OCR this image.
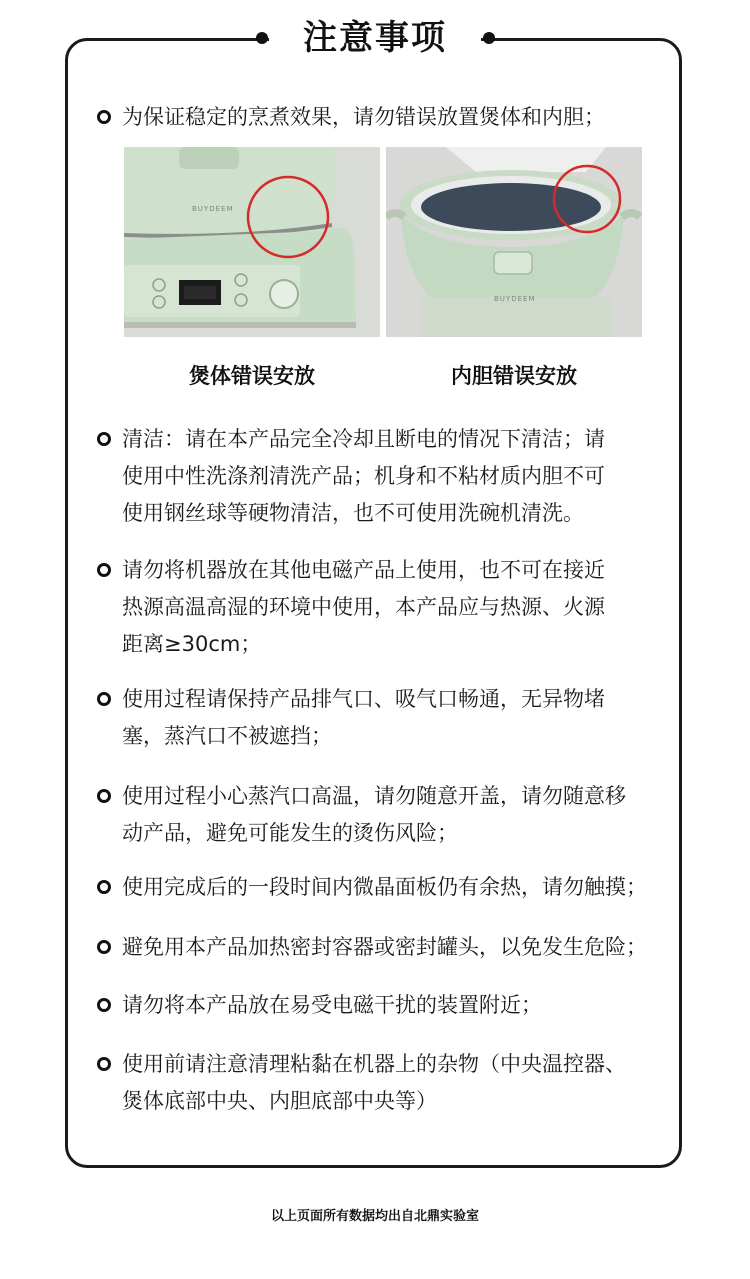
注意事项
为保证稳定的烹煮效果，请勿错误放置煲体和内胆；
BUYDEEM
BUYDEEM
煲体错误安放	内胆错误安放
清洁：请在本产品完全冷却且断电的情况下清洁；请
使用中性洗涤剂清洗产品；机身和不粘材质内胆不可
使用钢丝球等硬物清洁，也不可使用洗碗机清洗。
请勿将机器放在其他电磁产品上使用，也不可在接近
热源高温高湿的环境中使用，本产品应与热源、火源
距离≥30cm；
使用过程请保持产品排气口、吸气口畅通，无异物堵
塞，蒸汽口不被遮挡；
使用过程小心蒸汽口高温，请勿随意开盖，请勿随意移
动产品，避免可能发生的烫伤风险；
使用完成后的一段时间内微晶面板仍有余热，请勿触摸；
避免用本产品加热密封容器或密封罐头，以免发生危险；
请勿将本产品放在易受电磁干扰的装置附近；
使用前请注意清理粘黏在机器上的杂物（中央温控器、
煲体底部中央、内胆底部中央等）
以上页面所有数据均出自北鼎实验室
